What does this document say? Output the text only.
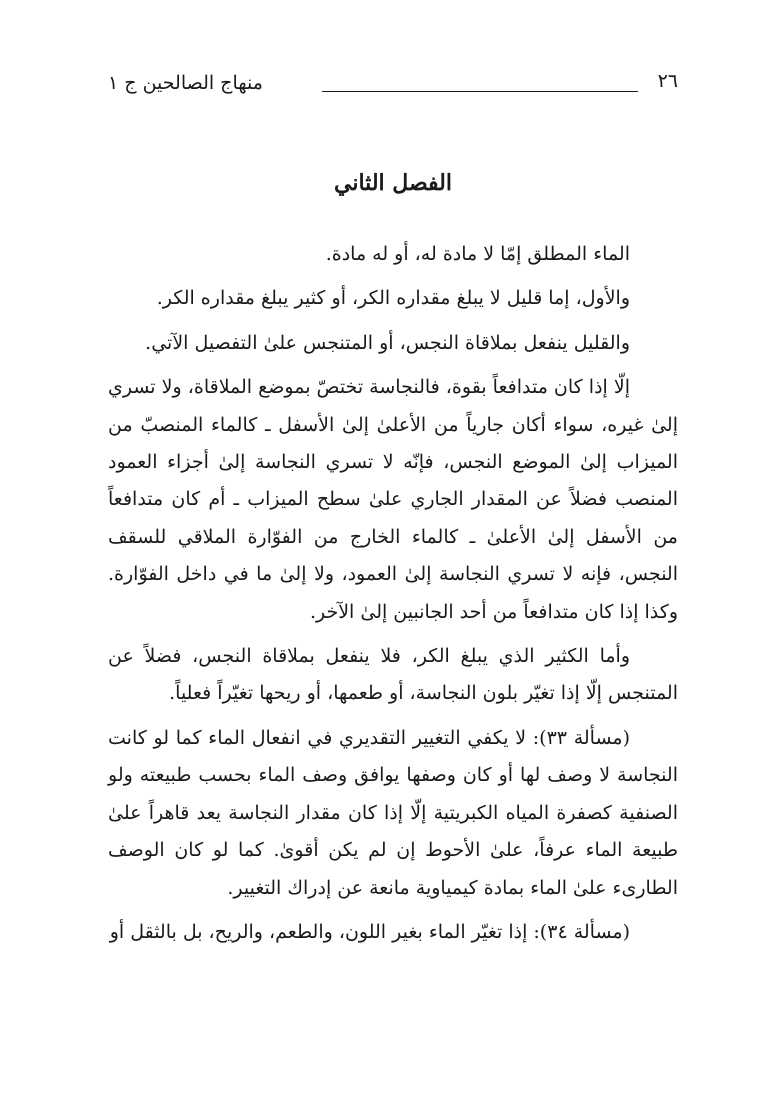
٢٦
منهاج الصالحين ج ١
الفصل الثاني

الماء المطلق إمّا لا مادة له، أو له مادة.

والأول، إما قليل لا يبلغ مقداره الكر، أو كثير يبلغ مقداره الكر.

والقليل ينفعل بملاقاة النجس، أو المتنجس علىٰ التفصيل الآتي.

إلّا إذا كان متدافعاً بقوة، فالنجاسة تختصّ بموضع الملاقاة، ولا تسري إلىٰ غيره، سواء أكان جارياً من الأعلىٰ إلىٰ الأسفل ـ كالماء المنصبّ من الميزاب إلىٰ الموضع النجس، فإنّه لا تسري النجاسة إلىٰ أجزاء العمود المنصب فضلاً عن المقدار الجاري علىٰ سطح الميزاب ـ أم كان متدافعاً من الأسفل إلىٰ الأعلىٰ ـ كالماء الخارج من الفوّارة الملاقي للسقف النجس، فإنه لا تسري النجاسة إلىٰ العمود، ولا إلىٰ ما في داخل الفوّارة. وكذا إذا كان متدافعاً من أحد الجانبين إلىٰ الآخر.

وأما الكثير الذي يبلغ الكر، فلا ينفعل بملاقاة النجس، فضلاً عن المتنجس إلّا إذا تغيّر بلون النجاسة، أو طعمها، أو ريحها تغيّراً فعلياً.

(مسألة ٣٣): لا يكفي التغيير التقديري في انفعال الماء كما لو كانت النجاسة لا وصف لها أو كان وصفها يوافق وصف الماء بحسب طبيعته ولو الصنفية كصفرة المياه الكبريتية إلّا إذا كان مقدار النجاسة يعد قاهراً علىٰ طبيعة الماء عرفاً، علىٰ الأحوط إن لم يكن أقوىٰ. كما لو كان الوصف الطارىء علىٰ الماء بمادة كيمياوية مانعة عن إدراك التغيير.

(مسألة ٣٤): إذا تغيّر الماء بغير اللون، والطعم، والريح، بل بالثقل أو
